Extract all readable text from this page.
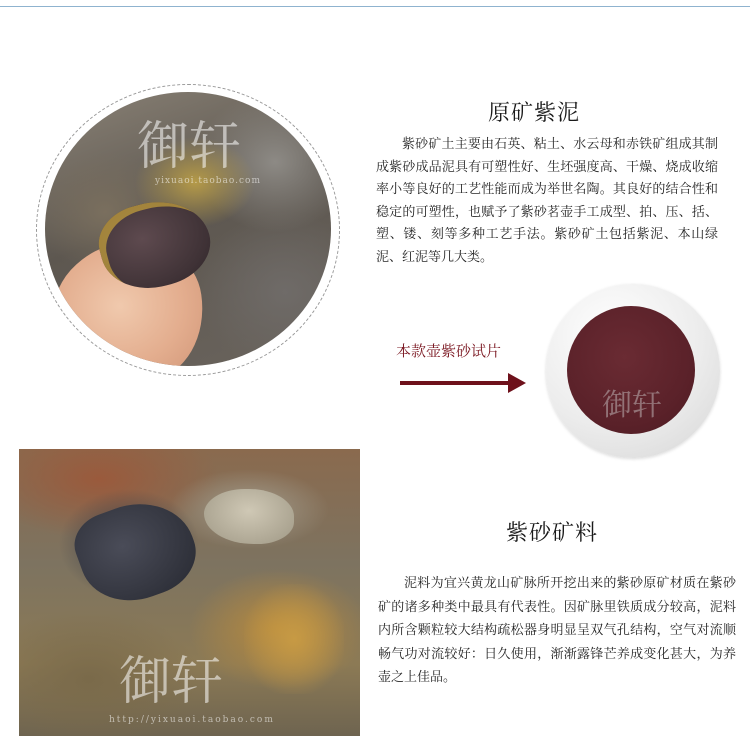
御轩
yixuaoi.taobao.com
原矿紫泥

紫砂矿土主要由石英、粘土、水云母和赤铁矿组成其制成紫砂成品泥具有可塑性好、生坯强度高、干燥、烧成收缩率小等良好的工艺性能而成为举世名陶。其良好的结合性和稳定的可塑性，也赋予了紫砂茗壶手工成型、拍、压、括、塑、镂、刻等多种工艺手法。紫砂矿土包括紫泥、本山绿泥、红泥等几大类。

本款壶紫砂试片
御轩
御轩
http://yixuaoi.taobao.com
紫砂矿料

泥料为宜兴黄龙山矿脉所开挖出来的紫砂原矿材质在紫砂矿的诸多种类中最具有代表性。因矿脉里铁质成分较高，泥料内所含颗粒较大结构疏松器身明显呈双气孔结构，空气对流顺畅气功对流较好：日久使用，渐渐露锋芒养成变化甚大，为养壶之上佳品。
